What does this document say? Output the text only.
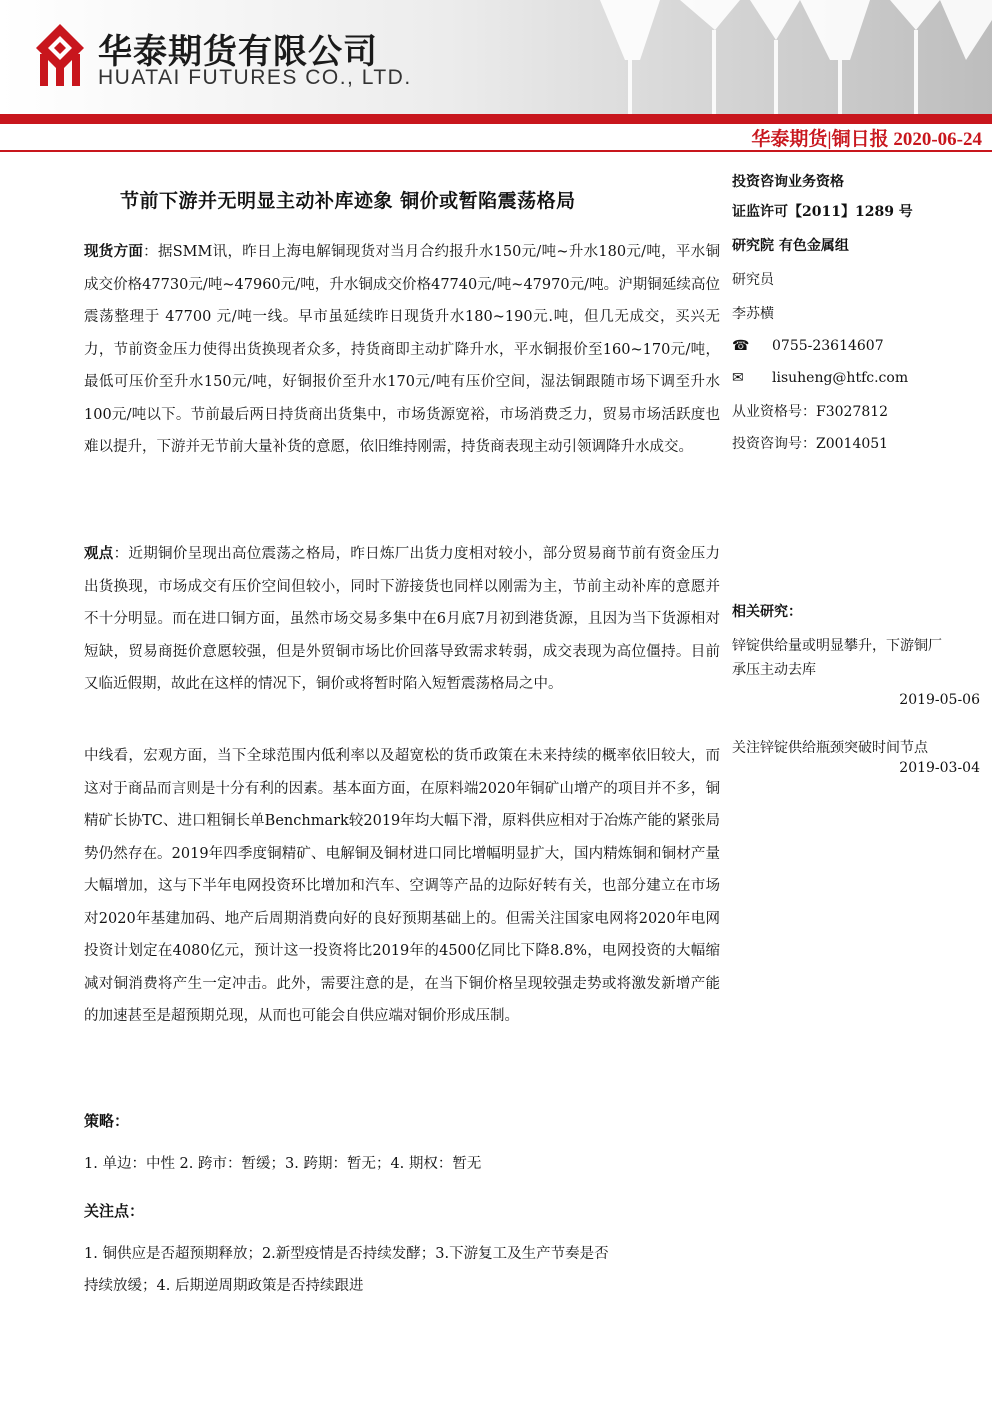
华泰期货有限公司
HUATAI FUTURES CO., LTD.
华泰期货|铜日报 2020-06-24
节前下游并无明显主动补库迹象 铜价或暂陷震荡格局
现货方面：据SMM讯，昨日上海电解铜现货对当月合约报升水150元/吨~升水180元/吨，平水铜成交价格47730元/吨~47960元/吨，升水铜成交价格47740元/吨~47970元/吨。沪期铜延续高位震荡整理于 47700 元/吨一线。早市虽延续昨日现货升水180~190元.吨，但几无成交，买兴无力，节前资金压力使得出货换现者众多，持货商即主动扩降升水，平水铜报价至160~170元/吨，最低可压价至升水150元/吨，好铜报价至升水170元/吨有压价空间，湿法铜跟随市场下调至升水100元/吨以下。节前最后两日持货商出货集中，市场货源宽裕，市场消费乏力，贸易市场活跃度也难以提升，下游并无节前大量补货的意愿，依旧维持刚需，持货商表现主动引领调降升水成交。
观点：近期铜价呈现出高位震荡之格局，昨日炼厂出货力度相对较小，部分贸易商节前有资金压力出货换现，市场成交有压价空间但较小，同时下游接货也同样以刚需为主，节前主动补库的意愿并不十分明显。而在进口铜方面，虽然市场交易多集中在6月底7月初到港货源，且因为当下货源相对短缺，贸易商挺价意愿较强，但是外贸铜市场比价回落导致需求转弱，成交表现为高位僵持。目前又临近假期，故此在这样的情况下，铜价或将暂时陷入短暂震荡格局之中。
中线看，宏观方面，当下全球范围内低利率以及超宽松的货币政策在未来持续的概率依旧较大，而这对于商品而言则是十分有利的因素。基本面方面，在原料端2020年铜矿山增产的项目并不多，铜精矿长协TC、进口粗铜长单Benchmark较2019年均大幅下滑，原料供应相对于冶炼产能的紧张局势仍然存在。2019年四季度铜精矿、电解铜及铜材进口同比增幅明显扩大，国内精炼铜和铜材产量大幅增加，这与下半年电网投资环比增加和汽车、空调等产品的边际好转有关，也部分建立在市场对2020年基建加码、地产后周期消费向好的良好预期基础上的。但需关注国家电网将2020年电网投资计划定在4080亿元，预计这一投资将比2019年的4500亿同比下降8.8%，电网投资的大幅缩减对铜消费将产生一定冲击。此外，需要注意的是，在当下铜价格呈现较强走势或将激发新增产能的加速甚至是超预期兑现，从而也可能会自供应端对铜价形成压制。
策略：
1. 单边：中性 2. 跨市：暂缓；3. 跨期：暂无；4. 期权：暂无
关注点：
1. 铜供应是否超预期释放；2.新型疫情是否持续发酵；3.下游复工及生产节奏是否
持续放缓；4. 后期逆周期政策是否持续跟进
投资咨询业务资格
证监许可【2011】1289 号
研究院 有色金属组
研究员
李苏横
☎ 0755-23614607
✉ lisuheng@htfc.com
从业资格号：F3027812
投资咨询号：Z0014051
相关研究：
锌锭供给量或明显攀升，下游铜厂
承压主动去库
2019-05-06
关注锌锭供给瓶颈突破时间节点
2019-03-04
